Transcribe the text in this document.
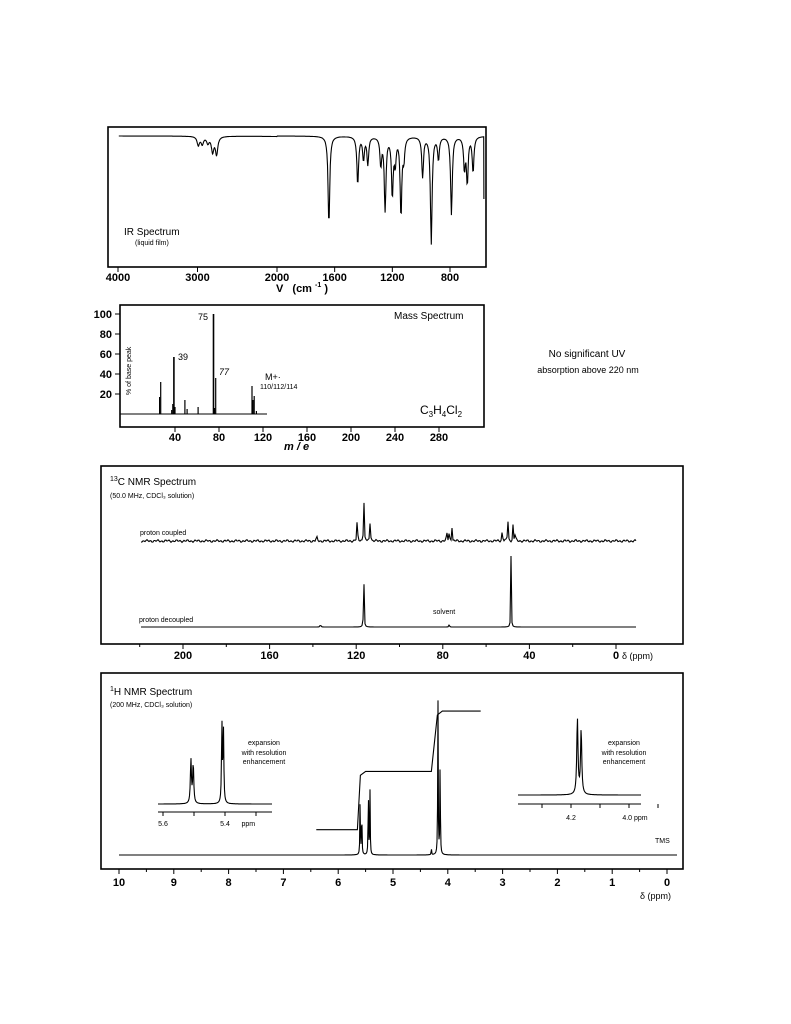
IR Spectrum
(liquid film)
4000	3000	2000	1600	1200	800
V (cm $^{-1}$ )
Mass Spectrum
% of base peak
40	80	120 160 200 240 280
20
40
60
80
100
39
75
77	M+·
110/112/114
$C_3H_4Cl_2$
m / e
No significant UV
absorption above 220 nm
$^{13}$C NMR Spectrum
(50.0 MHz, CDCl₃ solution)
proton coupled
proton decoupled
solvent
200	160	120	80	40	0 δ (ppm)
$^1$H NMR Spectrum
(200 MHz, CDCl₃ solution)
expansion
with resolution
enhancement
5.6	5.4 ppm
expansion
with resolution
enhancement
4.2	4.0 ppm
TMS
10	9	8	7	6	5	4	3	2	1	0
δ (ppm)
